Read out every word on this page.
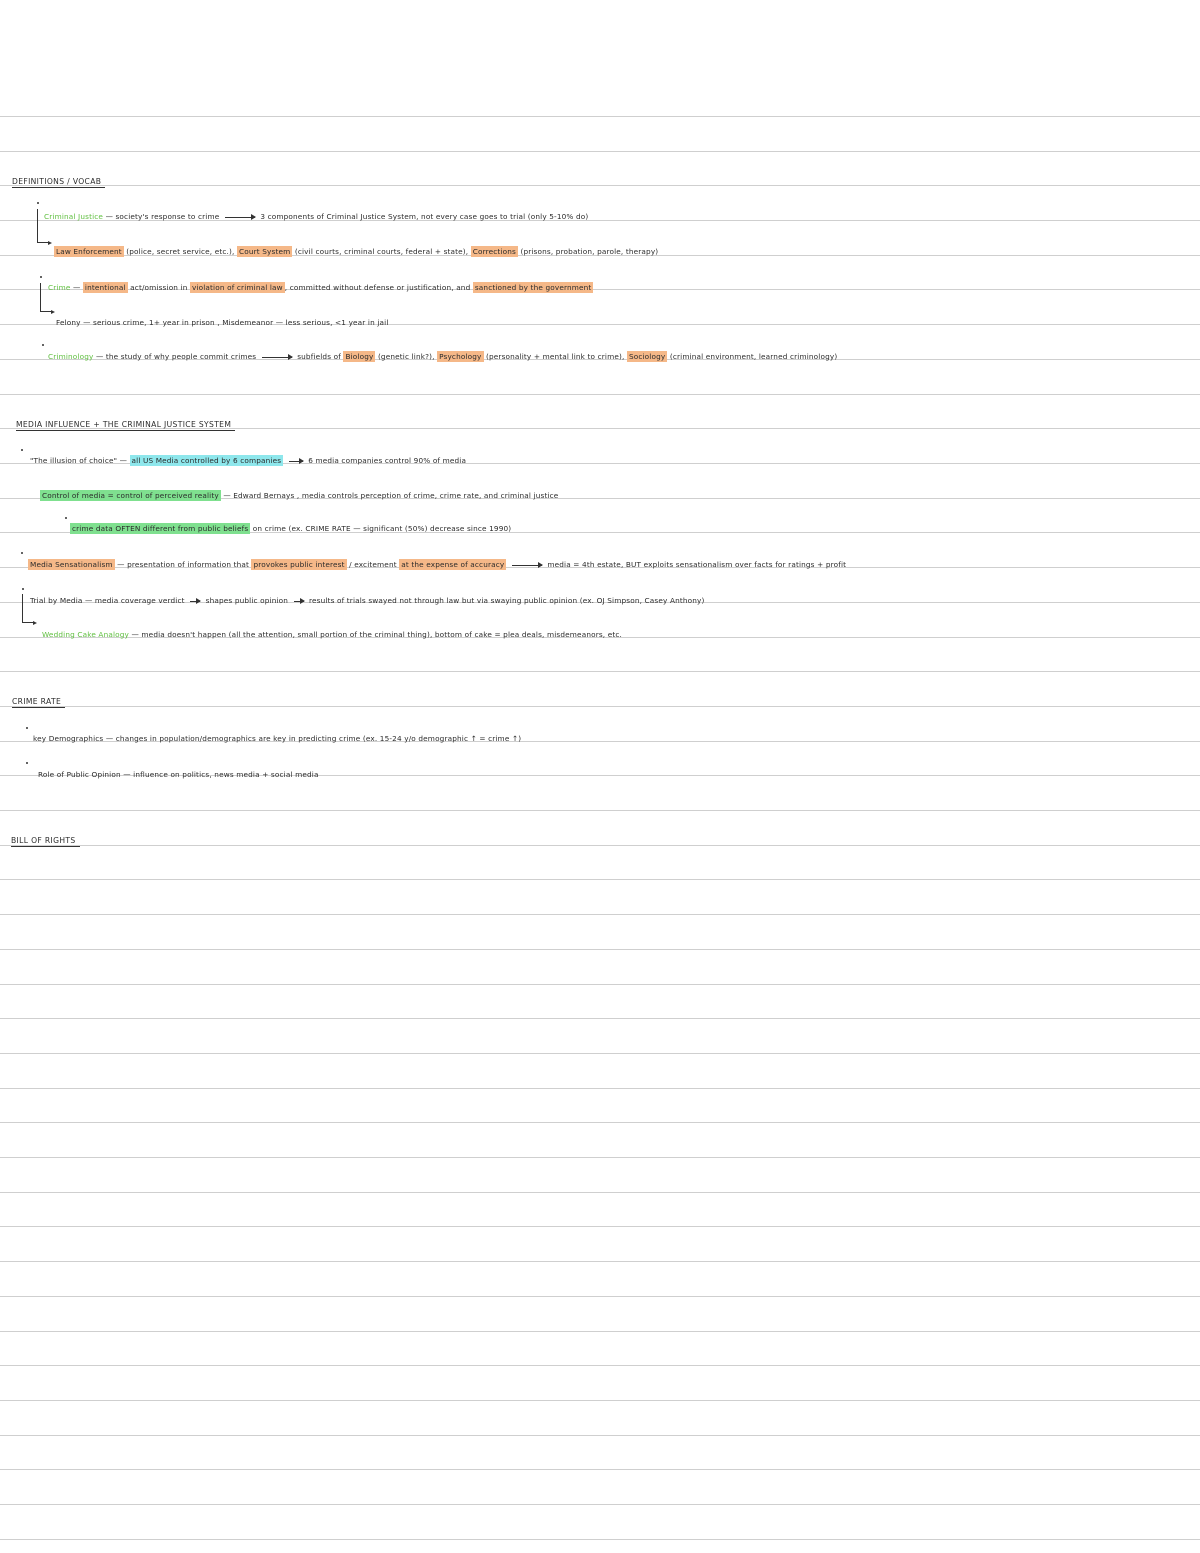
DEFINITIONS / VOCAB
Criminal Justice — society's response to crime	3 components of Criminal Justice System, not every case goes to trial (only 5-10% do)
Law Enforcement (police, secret service, etc.), Court System (civil courts, criminal courts, federal + state), Corrections (prisons, probation, parole, therapy)
Crime — intentional act/omission in violation of criminal law , committed without defense or justification, and sanctioned by the government
Felony — serious crime, 1+ year in prison , Misdemeanor — less serious, <1 year in jail
Criminology — the study of why people commit crimes	subfields of Biology (genetic link?), Psychology (personality + mental link to crime), Sociology (criminal environment, learned criminology)
MEDIA INFLUENCE + THE CRIMINAL JUSTICE SYSTEM
"The illusion of choice" — all US Media controlled by 6 companies	6 media companies control 90% of media
Control of media = control of perceived reality — Edward Bernays , media controls perception of crime, crime rate, and criminal justice
crime data OFTEN different from public beliefs on crime (ex. CRIME RATE — significant (50%) decrease since 1990)
Media Sensationalism — presentation of information that provokes public interest / excitement at the expense of accuracy	media = 4th estate, BUT exploits sensationalism over facts for ratings + profit
Trial by Media — media coverage verdict	shapes public opinion	results of trials swayed not through law but via swaying public opinion (ex. OJ Simpson, Casey Anthony)
Wedding Cake Analogy — media doesn't happen (all the attention, small portion of the criminal thing), bottom of cake = plea deals, misdemeanors, etc.
CRIME RATE
key Demographics — changes in population/demographics are key in predicting crime (ex. 15-24 y/o demographic ↑ = crime ↑)
Role of Public Opinion — influence on politics, news media + social media
BILL OF RIGHTS
